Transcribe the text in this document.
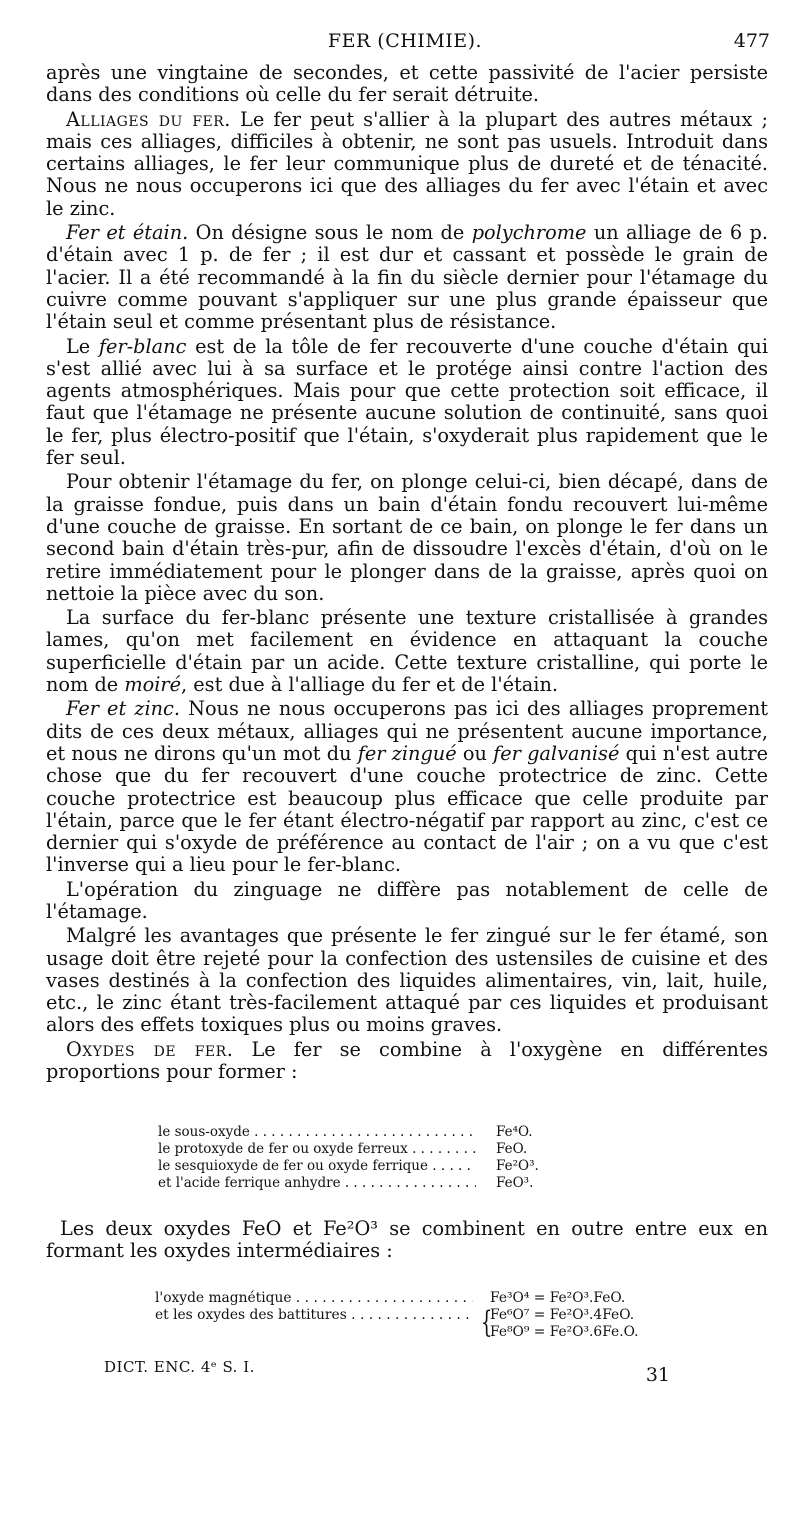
FER (CHIMIE).	477

après une vingtaine de secondes, et cette passivité de l'acier persiste dans des conditions où celle du fer serait détruite.

Alliages du fer. Le fer peut s'allier à la plupart des autres métaux ; mais ces alliages, difficiles à obtenir, ne sont pas usuels. Introduit dans certains alliages, le fer leur communique plus de dureté et de ténacité. Nous ne nous occuperons ici que des alliages du fer avec l'étain et avec le zinc.

Fer et étain. On désigne sous le nom de polychrome un alliage de 6 p. d'étain avec 1 p. de fer ; il est dur et cassant et possède le grain de l'acier. Il a été recommandé à la fin du siècle dernier pour l'étamage du cuivre comme pouvant s'appliquer sur une plus grande épaisseur que l'étain seul et comme présentant plus de résistance.

Le fer-blanc est de la tôle de fer recouverte d'une couche d'étain qui s'est allié avec lui à sa surface et le protége ainsi contre l'action des agents atmosphériques. Mais pour que cette protection soit efficace, il faut que l'étamage ne présente aucune solution de continuité, sans quoi le fer, plus électro-positif que l'étain, s'oxyderait plus rapidement que le fer seul.

Pour obtenir l'étamage du fer, on plonge celui-ci, bien décapé, dans de la graisse fondue, puis dans un bain d'étain fondu recouvert lui-même d'une couche de graisse. En sortant de ce bain, on plonge le fer dans un second bain d'étain très-pur, afin de dissoudre l'excès d'étain, d'où on le retire immédiatement pour le plonger dans de la graisse, après quoi on nettoie la pièce avec du son.

La surface du fer-blanc présente une texture cristallisée à grandes lames, qu'on met facilement en évidence en attaquant la couche superficielle d'étain par un acide. Cette texture cristalline, qui porte le nom de moiré, est due à l'alliage du fer et de l'étain.

Fer et zinc. Nous ne nous occuperons pas ici des alliages proprement dits de ces deux métaux, alliages qui ne présentent aucune importance, et nous ne dirons qu'un mot du fer zingué ou fer galvanisé qui n'est autre chose que du fer recouvert d'une couche protectrice de zinc. Cette couche protectrice est beaucoup plus efficace que celle produite par l'étain, parce que le fer étant électro-négatif par rapport au zinc, c'est ce dernier qui s'oxyde de préférence au contact de l'air ; on a vu que c'est l'inverse qui a lieu pour le fer-blanc.

L'opération du zinguage ne diffère pas notablement de celle de l'étamage.

Malgré les avantages que présente le fer zingué sur le fer étamé, son usage doit être rejeté pour la confection des ustensiles de cuisine et des vases destinés à la confection des liquides alimentaires, vin, lait, huile, etc., le zinc étant très-facilement attaqué par ces liquides et produisant alors des effets toxiques plus ou moins graves.

Oxydes de fer. Le fer se combine à l'oxygène en différentes proportions pour former :

le sous-oxyde . . .	Fe⁴O.
le protoxyde de fer ou oxyde ferreux . . .	FeO.
le sesquioxyde de fer ou oxyde ferrique . . .	Fe²O³.
et l'acide ferrique anhydre . . .	FeO³.

Les deux oxydes FeO et Fe²O³ se combinent en outre entre eux en formant les oxydes intermédiaires :

l'oxyde magnétique . . .	Fe³O⁴ = Fe²O³.FeO.
et les oxydes des battitures . . .	Fe⁶O⁷ = Fe²O³.4FeO.
Fe⁸O⁹ = Fe²O³.6Fe.O.
{
DICT. ENC. 4ᵉ S. I.	31
